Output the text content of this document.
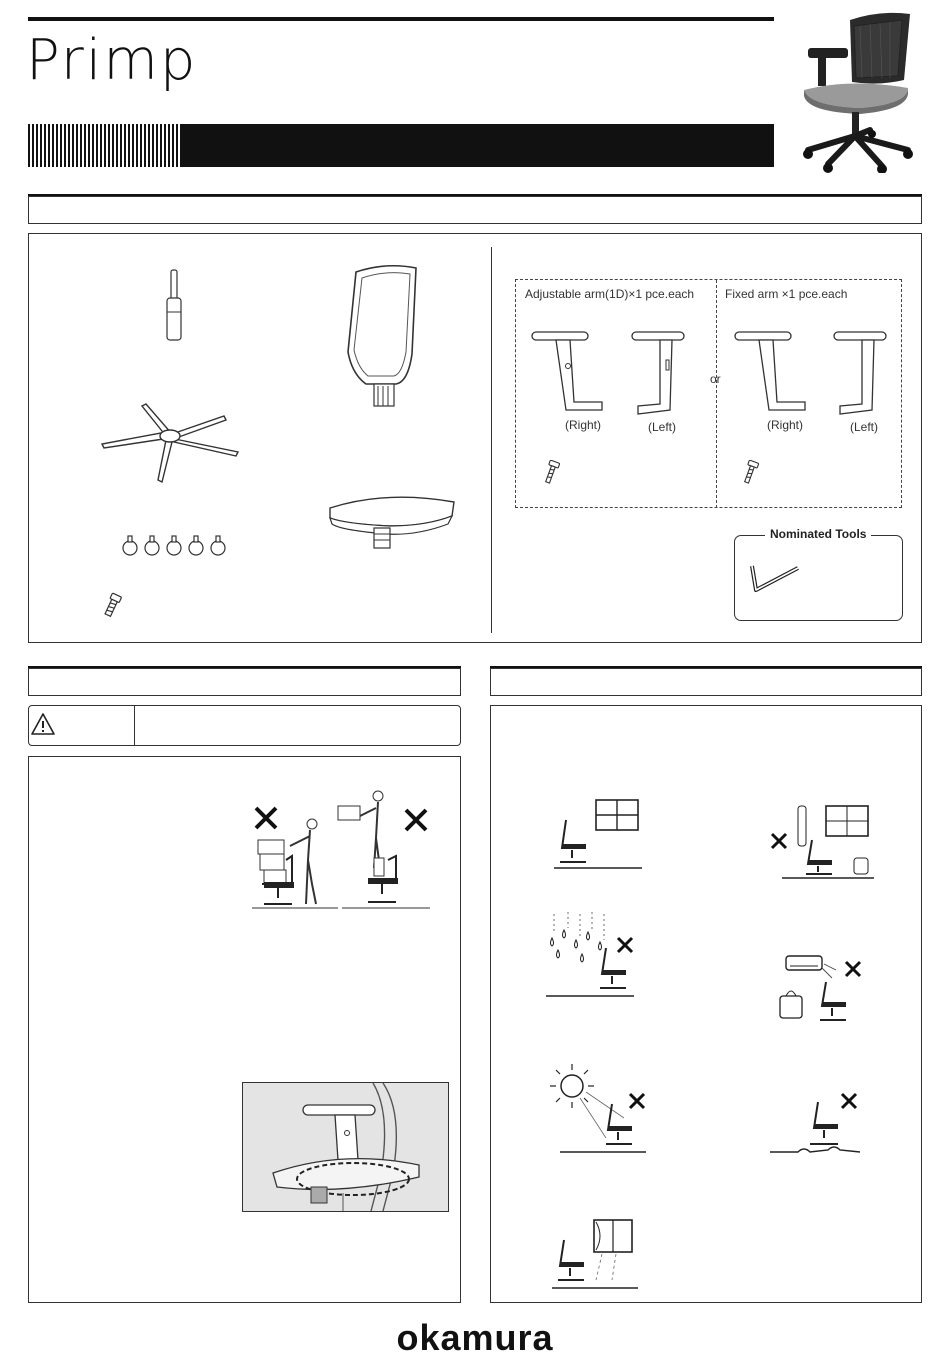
Primp
Adjustable arm(1D)×1 pce.each	Fixed arm ×1 pce.each
(Right)	(Left)
or
(Right)	(Left)
Nominated Tools
okamura
